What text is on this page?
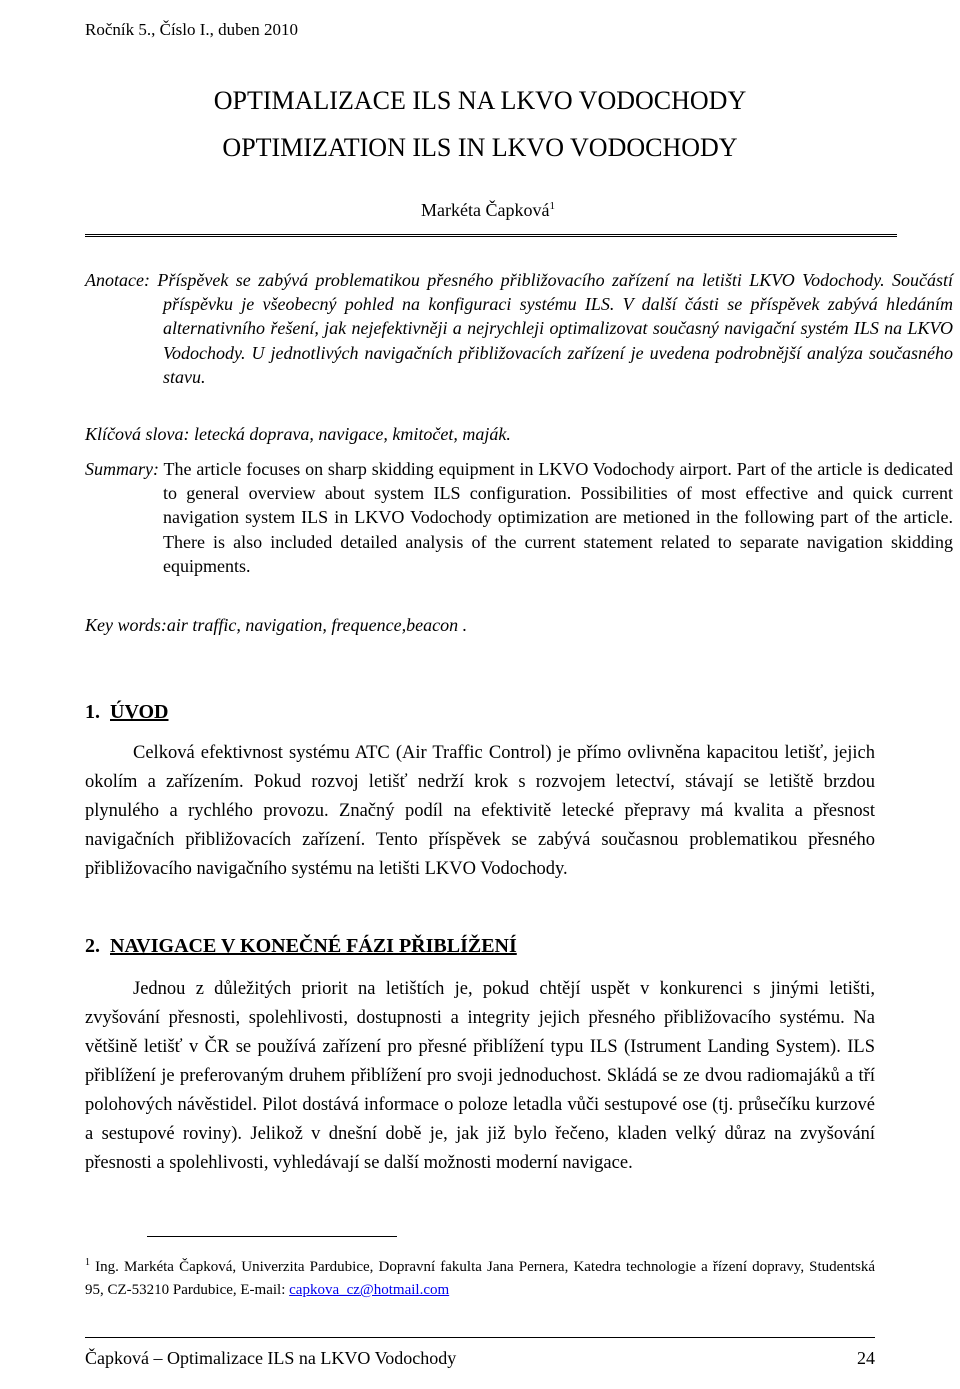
Ročník 5., Číslo I., duben 2010
OPTIMALIZACE ILS NA LKVO VODOCHODY
OPTIMIZATION ILS IN LKVO VODOCHODY
Markéta Čapková$^1$
Anotace: Příspěvek se zabývá problematikou přesného přibližovacího zařízení na letišti LKVO Vodochody. Součástí příspěvku je všeobecný pohled na konfiguraci systému ILS. V další části se příspěvek zabývá hledáním alternativního řešení, jak nejefektivněji a nejrychleji optimalizovat současný navigační systém ILS na LKVO Vodochody. U jednotlivých navigačních přibližovacích zařízení je uvedena podrobnější analýza současného stavu.
Klíčová slova: letecká doprava, navigace, kmitočet, maják.
Summary: The article focuses on sharp skidding equipment in LKVO Vodochody airport. Part of the article is dedicated to general overview about system ILS configuration. Possibilities of most effective and quick current navigation system ILS in LKVO Vodochody optimization are metioned in the following part of the article. There is also included detailed analysis of the current statement related to separate navigation skidding equipments.
Key words:air traffic, navigation, frequence,beacon .
1. ÚVOD
Celková efektivnost systému ATC (Air Traffic Control) je přímo ovlivněna kapacitou letišť, jejich okolím a zařízením. Pokud rozvoj letišť nedrží krok s rozvojem letectví, stávají se letiště brzdou plynulého a rychlého provozu. Značný podíl na efektivitě letecké přepravy má kvalita a přesnost navigačních přibližovacích zařízení. Tento příspěvek se zabývá současnou problematikou přesného přibližovacího navigačního systému na letišti LKVO Vodochody.
2. NAVIGACE V KONEČNÉ FÁZI PŘIBLÍŽENÍ
Jednou z důležitých priorit na letištích je, pokud chtějí uspět v konkurenci s jinými letišti, zvyšování přesnosti, spolehlivosti, dostupnosti a integrity jejich přesného přibližovacího systému. Na většině letišť v ČR se používá zařízení pro přesné přiblížení typu ILS (Istrument Landing System). ILS přiblížení je preferovaným druhem přiblížení pro svoji jednoduchost. Skládá se ze dvou radiomajáků a tří polohových návěstidel. Pilot dostává informace o poloze letadla vůči sestupové ose (tj. průsečíku kurzové a sestupové roviny). Jelikož v dnešní době je, jak již bylo řečeno, kladen velký důraz na zvyšování přesnosti a spolehlivosti, vyhledávají se další možnosti moderní navigace.
$^1$ Ing. Markéta Čapková, Univerzita Pardubice, Dopravní fakulta Jana Pernera, Katedra technologie a řízení dopravy, Studentská 95, CZ-53210 Pardubice, E-mail: capkova_cz@hotmail.com
Čapková – Optimalizace ILS na LKVO Vodochody	24
